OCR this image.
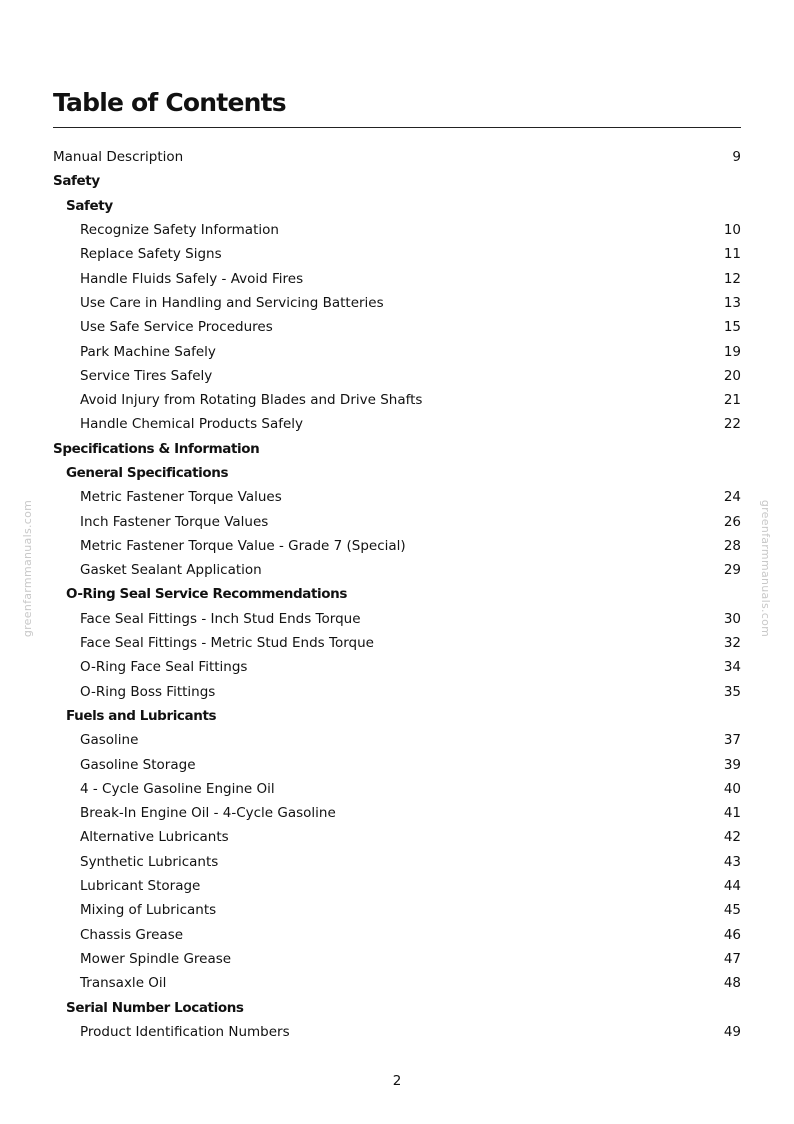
Table of Contents
Manual Description	9
Safety
Safety
Recognize Safety Information	10
Replace Safety Signs	11
Handle Fluids Safely - Avoid Fires	12
Use Care in Handling and Servicing Batteries	13
Use Safe Service Procedures	15
Park Machine Safely	19
Service Tires Safely	20
Avoid Injury from Rotating Blades and Drive Shafts	21
Handle Chemical Products Safely	22
Specifications & Information
General Specifications
Metric Fastener Torque Values	24
Inch Fastener Torque Values	26
Metric Fastener Torque Value - Grade 7 (Special)	28
Gasket Sealant Application	29
O-Ring Seal Service Recommendations
Face Seal Fittings - Inch Stud Ends Torque	30
Face Seal Fittings - Metric Stud Ends Torque	32
O-Ring Face Seal Fittings	34
O-Ring Boss Fittings	35
Fuels and Lubricants
Gasoline	37
Gasoline Storage	39
4 - Cycle Gasoline Engine Oil	40
Break-In Engine Oil - 4-Cycle Gasoline	41
Alternative Lubricants	42
Synthetic Lubricants	43
Lubricant Storage	44
Mixing of Lubricants	45
Chassis Grease	46
Mower Spindle Grease	47
Transaxle Oil	48
Serial Number Locations
Product Identification Numbers	49
greenfarmmanuals.com	greenfarmmanuals.com
2
